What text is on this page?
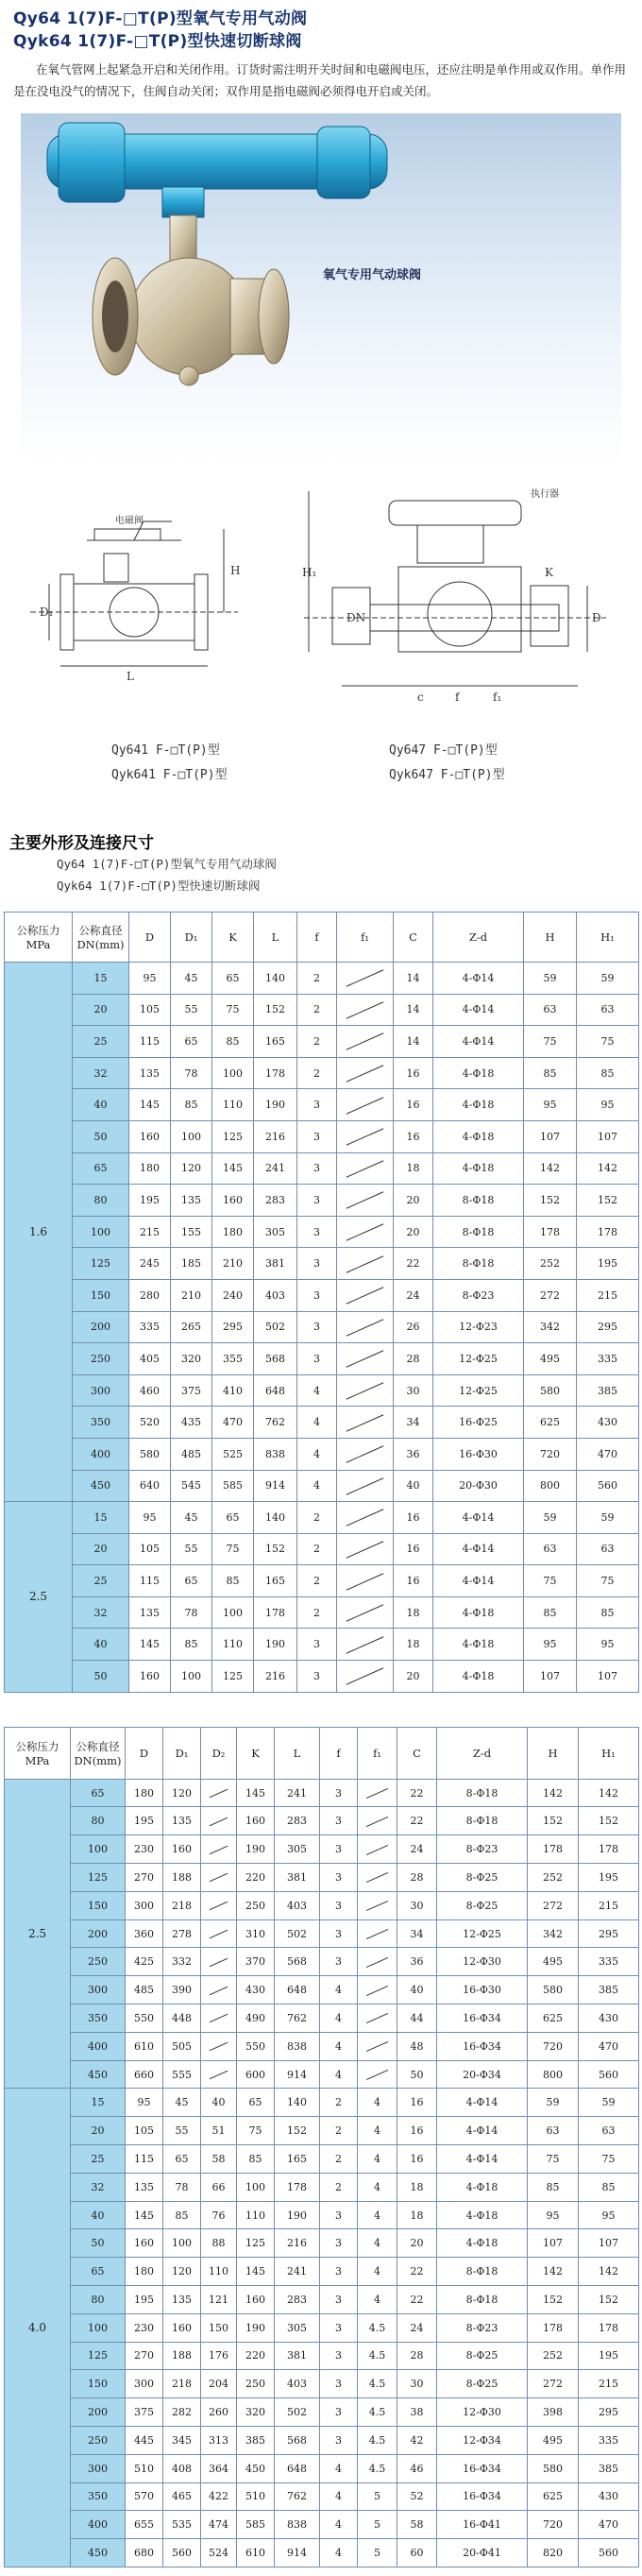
Qy64 1(7)F-□T(P)型氧气专用气动阀
Qyk64 1(7)F-□T(P)型快速切断球阀
在氧气管网上起紧急开启和关闭作用。订货时需注明开关时间和电磁阀电压，还应注明是单作用或双作用。单作用是在没电没气的情况下，住阀自动关闭；双作用是指电磁阀必须得电开启或关闭。
氧气专用气动球阀
H
D₁
L
H₁
D
f
c
DN
K
f₁
电磁阀
执行器
Qy641 F-□T(P)型
Qyk641 F-□T(P)型
Qy647 F-□T(P)型
Qyk647 F-□T(P)型
主要外形及连接尺寸
Qy64 1(7)F-□T(P)型氧气专用气动球阀
Qyk64 1(7)F-□T(P)型快速切断球阀
公称压力
MPa	公称直径
DN(mm)	D	D₁	K	L	f	f₁	C	Z-d	H	H₁
1.6	15	95	45	65	140	2		14	4-Φ14	59	59
	20	105	55	75	152	2		14	4-Φ14	63	63
	25	115	65	85	165	2		14	4-Φ14	75	75
	32	135	78	100	178	2		16	4-Φ18	85	85
	40	145	85	110	190	3		16	4-Φ18	95	95
	50	160	100	125	216	3		16	4-Φ18	107	107
	65	180	120	145	241	3		18	4-Φ18	142	142
	80	195	135	160	283	3		20	8-Φ18	152	152
	100	215	155	180	305	3		20	8-Φ18	178	178
	125	245	185	210	381	3		22	8-Φ18	252	195
	150	280	210	240	403	3		24	8-Φ23	272	215
	200	335	265	295	502	3		26	12-Φ23	342	295
	250	405	320	355	568	3		28	12-Φ25	495	335
	300	460	375	410	648	4		30	12-Φ25	580	385
	350	520	435	470	762	4		34	16-Φ25	625	430
	400	580	485	525	838	4		36	16-Φ30	720	470
	450	640	545	585	914	4		40	20-Φ30	800	560
2.5	15	95	45	65	140	2		16	4-Φ14	59	59
	20	105	55	75	152	2		16	4-Φ14	63	63
	25	115	65	85	165	2		16	4-Φ14	75	75
	32	135	78	100	178	2		18	4-Φ18	85	85
	40	145	85	110	190	3		18	4-Φ18	95	95
	50	160	100	125	216	3		20	4-Φ18	107	107
公称压力
MPa	公称直径
DN(mm)	D	D₁	D₂	K	L	f	f₁	C	Z-d	H	H₁
2.5	65	180	120		145	241	3		22	8-Φ18	142	142
	80	195	135		160	283	3		22	8-Φ18	152	152
	100	230	160		190	305	3		24	8-Φ23	178	178
	125	270	188		220	381	3		28	8-Φ25	252	195
	150	300	218		250	403	3		30	8-Φ25	272	215
	200	360	278		310	502	3		34	12-Φ25	342	295
	250	425	332		370	568	3		36	12-Φ30	495	335
	300	485	390		430	648	4		40	16-Φ30	580	385
	350	550	448		490	762	4		44	16-Φ34	625	430
	400	610	505		550	838	4		48	16-Φ34	720	470
	450	660	555		600	914	4		50	20-Φ34	800	560
4.0	15	95	45	40	65	140	2	4	16	4-Φ14	59	59
	20	105	55	51	75	152	2	4	16	4-Φ14	63	63
	25	115	65	58	85	165	2	4	16	4-Φ14	75	75
	32	135	78	66	100	178	2	4	18	4-Φ18	85	85
	40	145	85	76	110	190	3	4	18	4-Φ18	95	95
	50	160	100	88	125	216	3	4	20	4-Φ18	107	107
	65	180	120	110	145	241	3	4	22	8-Φ18	142	142
	80	195	135	121	160	283	3	4	22	8-Φ18	152	152
	100	230	160	150	190	305	3	4.5	24	8-Φ23	178	178
	125	270	188	176	220	381	3	4.5	28	8-Φ25	252	195
	150	300	218	204	250	403	3	4.5	30	8-Φ25	272	215
	200	375	282	260	320	502	3	4.5	38	12-Φ30	398	295
	250	445	345	313	385	568	3	4.5	42	12-Φ34	495	335
	300	510	408	364	450	648	4	4.5	46	16-Φ34	580	385
	350	570	465	422	510	762	4	5	52	16-Φ34	625	430
	400	655	535	474	585	838	4	5	58	16-Φ41	720	470
	450	680	560	524	610	914	4	5	60	20-Φ41	820	560
